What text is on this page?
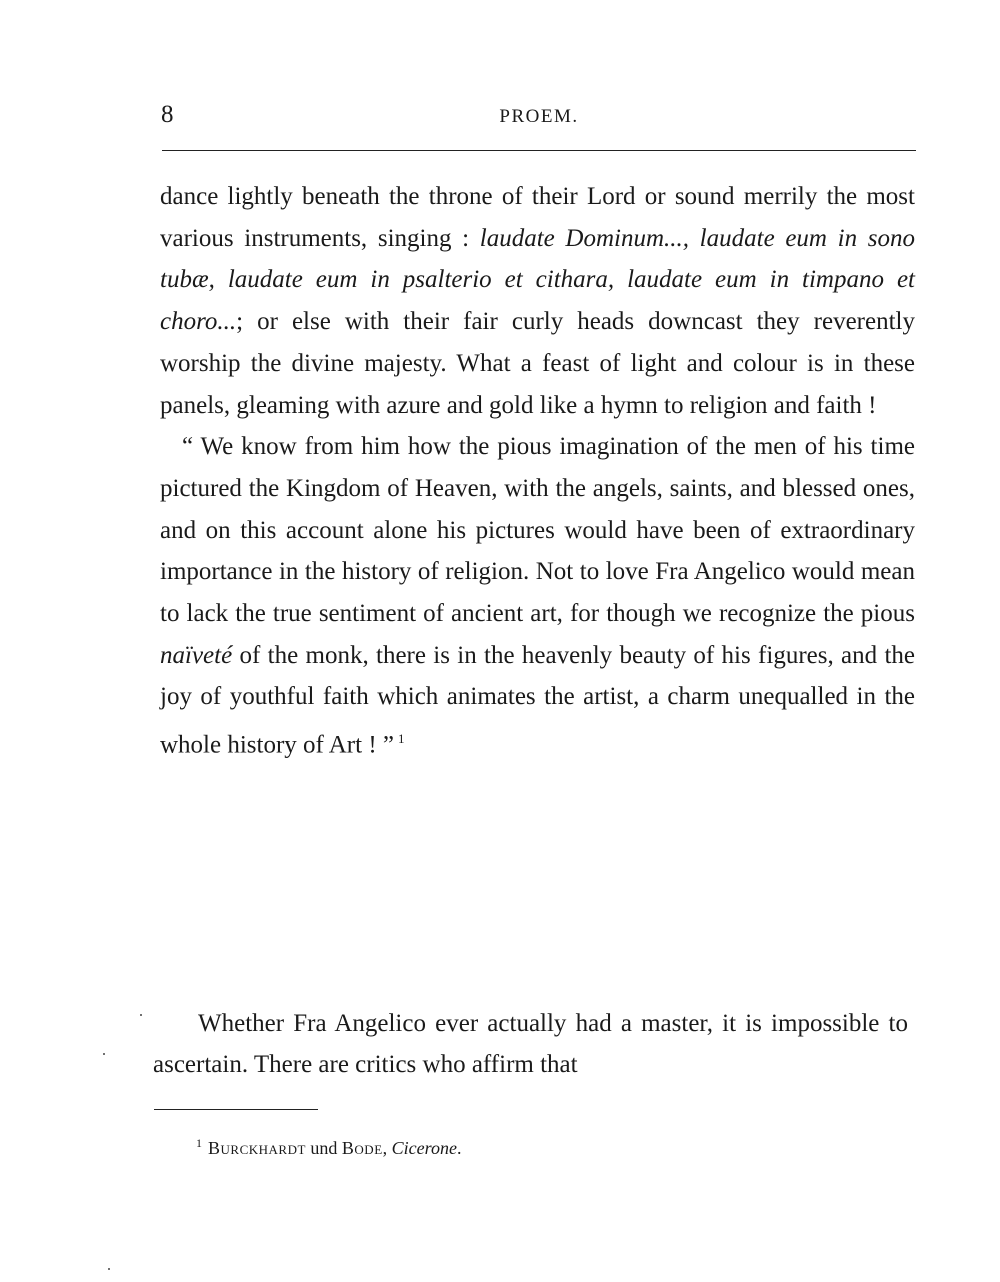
8	PROEM.

dance lightly beneath the throne of their Lord or sound merrily the most various instruments, singing : laudate Dominum..., laudate eum in sono tubæ, laudate eum in psalterio et cithara, laudate eum in timpano et choro...; or else with their fair curly heads downcast they reverently worship the divine majesty. What a feast of light and colour is in these panels, gleaming with azure and gold like a hymn to religion and faith !

“ We know from him how the pious imagination of the men of his time pictured the Kingdom of Heaven, with the angels, saints, and blessed ones, and on this account alone his pictures would have been of extraordinary importance in the history of religion. Not to love Fra Angelico would mean to lack the true sentiment of ancient art, for though we recognize the pious naïveté of the monk, there is in the heavenly beauty of his figures, and the joy of youthful faith which animates the artist, a charm unequalled in the whole history of Art ! ” $^1$

Whether Fra Angelico ever actually had a master, it is impossible to ascertain. There are critics who affirm that

$^1$ Burckhardt und Bode, Cicerone.
